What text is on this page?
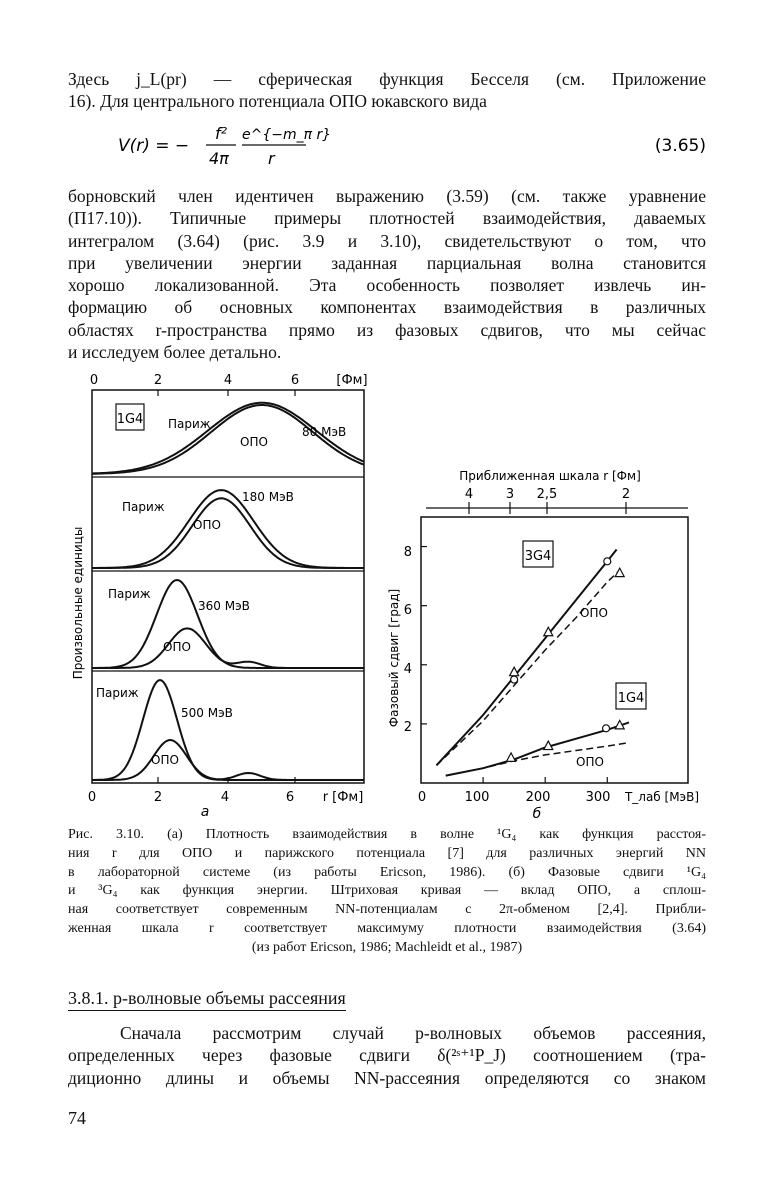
Здесь j_L(pr) — сферическая функция Бесселя (см. Приложение
16). Для центрального потенциала ОПО юкавского вида
V(r) = −
f²
4π
e^{−m_π r}
r
(3.65)
борновский член идентичен выражению (3.59) (см. также уравнение
(П17.10)). Типичные примеры плотностей взаимодействия, даваемых
интегралом (3.64) (рис. 3.9 и 3.10), свидетельствуют о том, что
при увеличении энергии заданная парциальная волна становится
хорошо локализованной. Эта особенность позволяет извлечь ин-
формацию об основных компонентах взаимодействия в различных
областях r-пространства прямо из фазовых сдвигов, что мы сейчас
и исследуем более детально.
0	2	4	6	[Фм]
1G4 Париж
ОПО
80 МэВ
Париж
ОПО
180 МэВ
Париж
ОПО
360 МэВ
Париж
ОПО
500 МэВ
Произвольные единицы
0	2	4	6 r [Фм]
а
Приближенная шкала r [Фм]
4	3 2,5	2
2
4
6
8
Фазовый сдвиг [град]
0	100	200	300 T_лаб [МэВ]
б
3G4
1G4
ОПО
ОПО
Рис. 3.10. (а) Плотность взаимодействия в волне ¹G₄ как функция расстоя-
ния r для ОПО и парижского потенциала [7] для различных энергий NN
в лабораторной системе (из работы Ericson, 1986). (б) Фазовые сдвиги ¹G₄
и ³G₄ как функция энергии. Штриховая кривая — вклад ОПО, а сплош-
ная соответствует современным NN-потенциалам с 2π-обменом [2,4]. Прибли-
женная шкала r соответствует максимуму плотности взаимодействия (3.64)
(из работ Ericson, 1986; Machleidt et al., 1987)
3.8.1. p-волновые объемы рассеяния
Сначала рассмотрим случай p-волновых объемов рассеяния,
определенных через фазовые сдвиги δ(²ˢ⁺¹P_J) соотношением (тра-
диционно длины и объемы NN-рассеяния определяются со знаком
74
